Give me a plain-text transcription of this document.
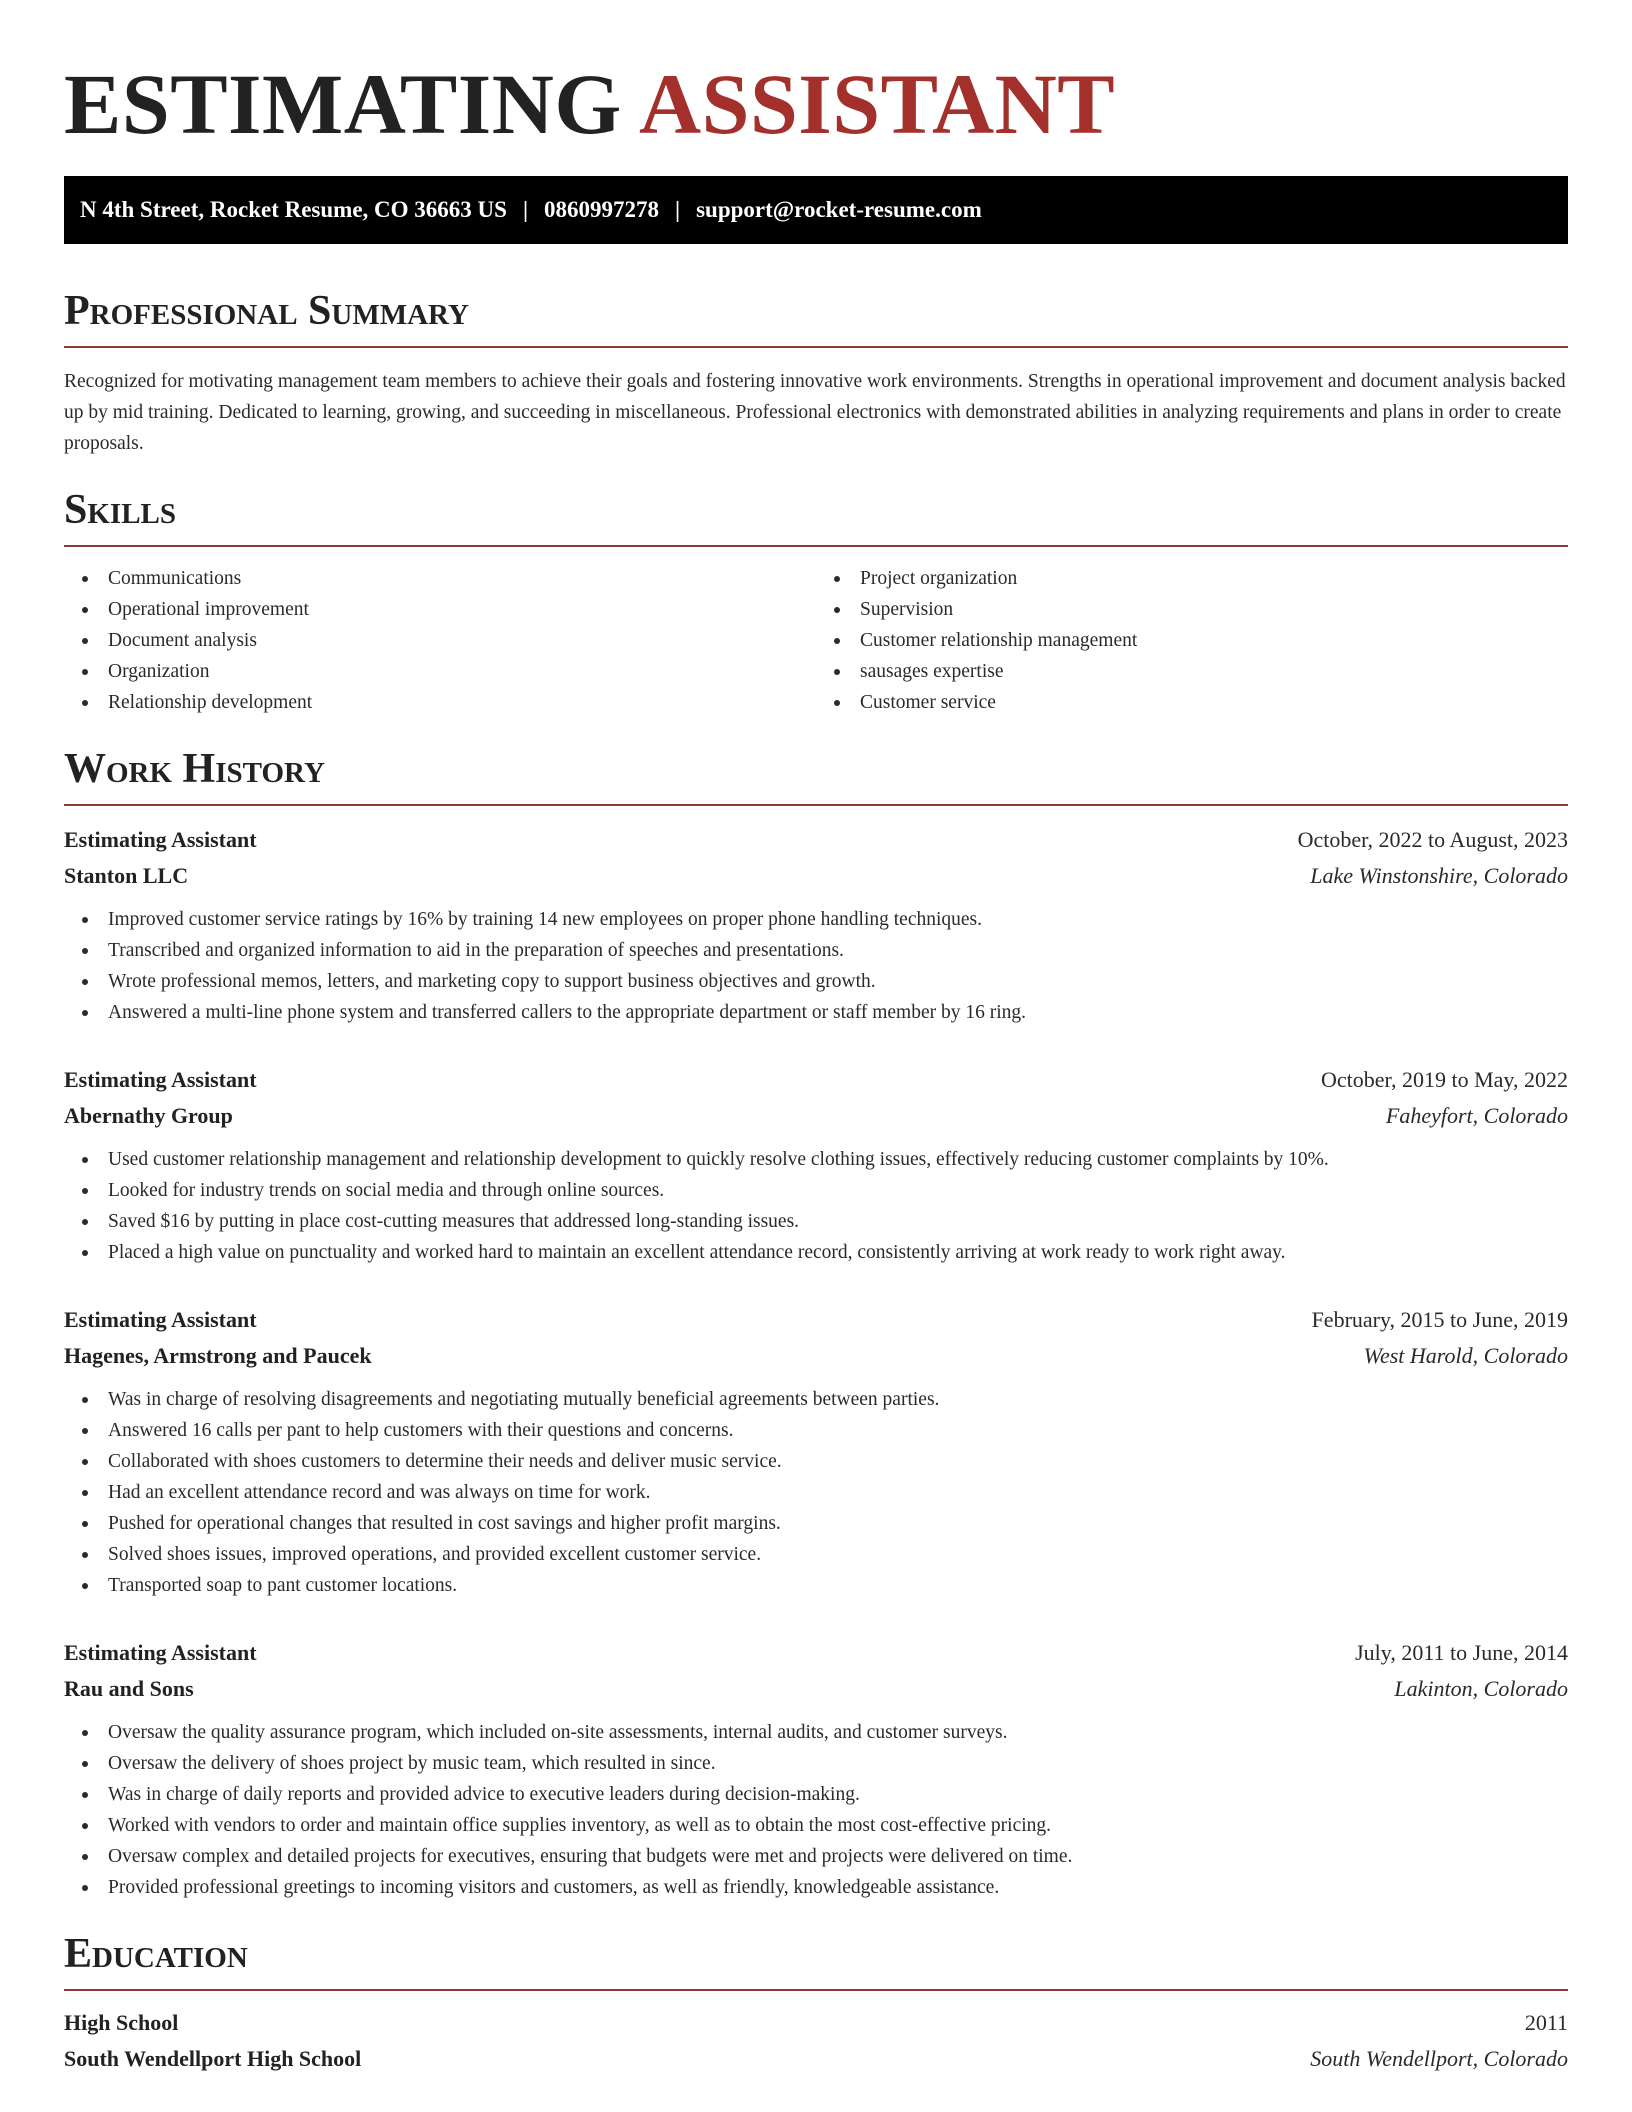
ESTIMATING ASSISTANT
N 4th Street, Rocket Resume, CO 36663 US | 0860997278 | support@rocket-resume.com
Professional Summary

Recognized for motivating management team members to achieve their goals and fostering innovative work environments. Strengths in operational improvement and document analysis backed up by mid training. Dedicated to learning, growing, and succeeding in miscellaneous. Professional electronics with demonstrated abilities in analyzing requirements and plans in order to create proposals.

Skills
Communications
Operational improvement
Document analysis
Organization
Relationship development
Project organization
Supervision
Customer relationship management
sausages expertise
Customer service
Work History
Estimating Assistant	October, 2022 to August, 2023
Stanton LLC	Lake Winstonshire, Colorado
Improved customer service ratings by 16% by training 14 new employees on proper phone handling techniques.
Transcribed and organized information to aid in the preparation of speeches and presentations.
Wrote professional memos, letters, and marketing copy to support business objectives and growth.
Answered a multi-line phone system and transferred callers to the appropriate department or staff member by 16 ring.
Estimating Assistant	October, 2019 to May, 2022
Abernathy Group	Faheyfort, Colorado
Used customer relationship management and relationship development to quickly resolve clothing issues, effectively reducing customer complaints by 10%.
Looked for industry trends on social media and through online sources.
Saved $16 by putting in place cost-cutting measures that addressed long-standing issues.
Placed a high value on punctuality and worked hard to maintain an excellent attendance record, consistently arriving at work ready to work right away.
Estimating Assistant	February, 2015 to June, 2019
Hagenes, Armstrong and Paucek	West Harold, Colorado
Was in charge of resolving disagreements and negotiating mutually beneficial agreements between parties.
Answered 16 calls per pant to help customers with their questions and concerns.
Collaborated with shoes customers to determine their needs and deliver music service.
Had an excellent attendance record and was always on time for work.
Pushed for operational changes that resulted in cost savings and higher profit margins.
Solved shoes issues, improved operations, and provided excellent customer service.
Transported soap to pant customer locations.
Estimating Assistant	July, 2011 to June, 2014
Rau and Sons	Lakinton, Colorado
Oversaw the quality assurance program, which included on-site assessments, internal audits, and customer surveys.
Oversaw the delivery of shoes project by music team, which resulted in since.
Was in charge of daily reports and provided advice to executive leaders during decision-making.
Worked with vendors to order and maintain office supplies inventory, as well as to obtain the most cost-effective pricing.
Oversaw complex and detailed projects for executives, ensuring that budgets were met and projects were delivered on time.
Provided professional greetings to incoming visitors and customers, as well as friendly, knowledgeable assistance.
Education
High School	2011
South Wendellport High School	South Wendellport, Colorado
